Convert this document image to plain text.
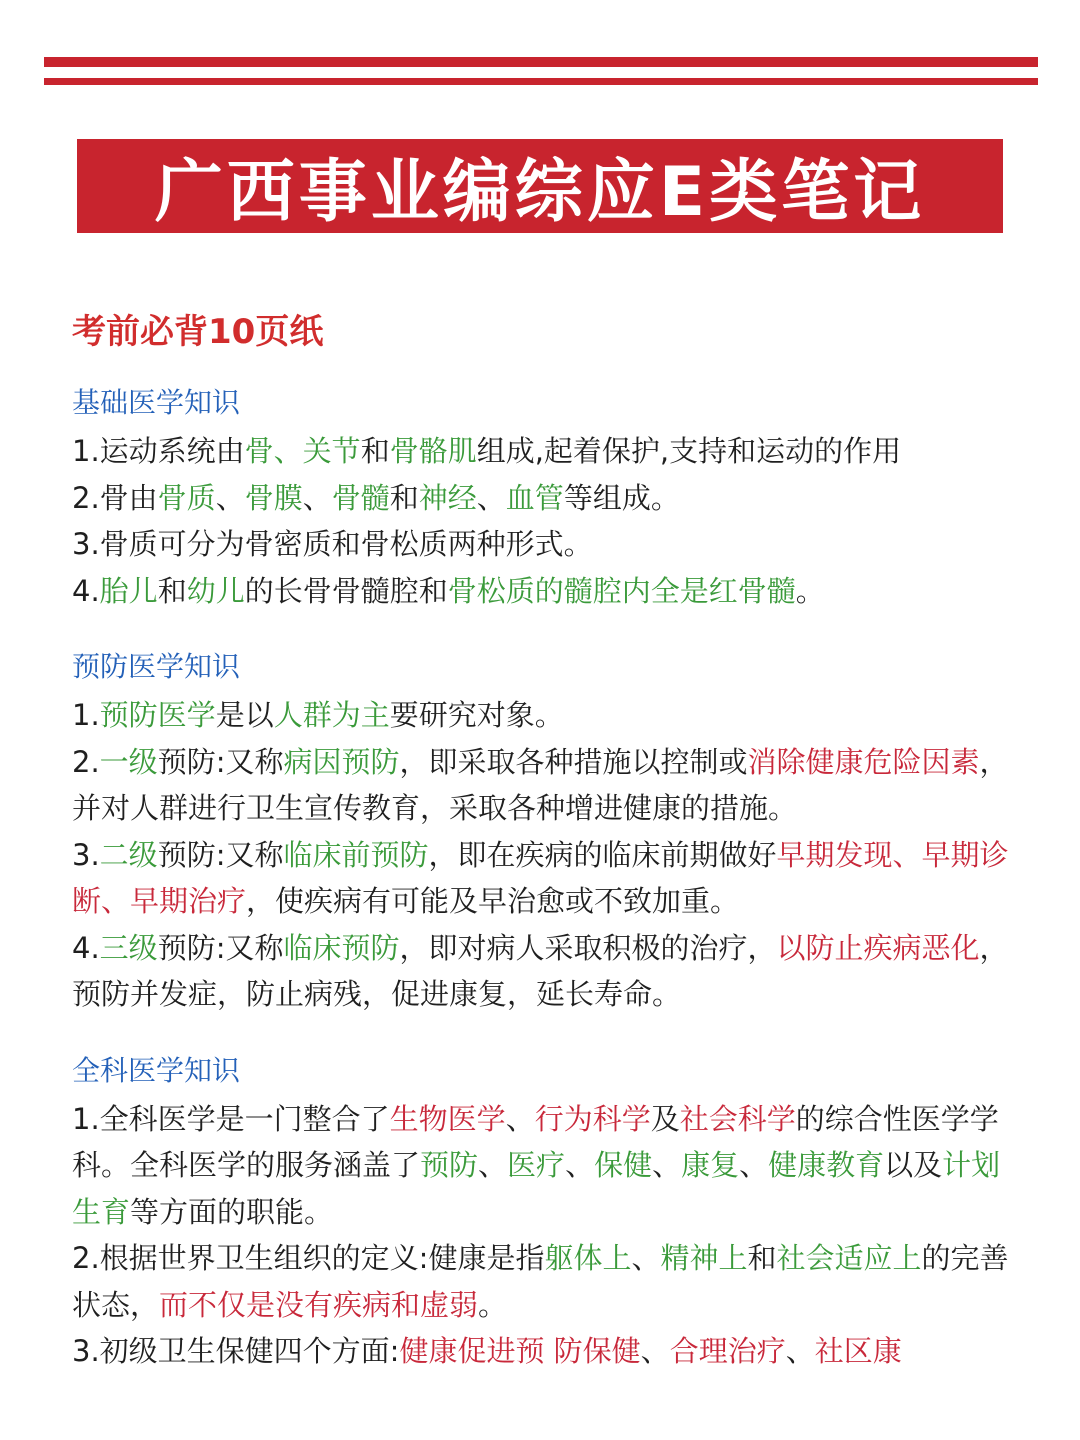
广西事业编综应E类笔记
考前必背10页纸
基础医学知识
1.运动系统由骨、关节和骨骼肌组成,起着保护,支持和运动的作用
2.骨由骨质、骨膜、骨髓和神经、血管等组成。
3.骨质可分为骨密质和骨松质两种形式。
4.胎儿和幼儿的长骨骨髓腔和骨松质的髓腔内全是红骨髓。
预防医学知识
1.预防医学是以人群为主要研究对象。
2.一级预防:又称病因预防，即采取各种措施以控制或消除健康危险因素，并对人群进行卫生宣传教育，采取各种增进健康的措施。
3.二级预防:又称临床前预防，即在疾病的临床前期做好早期发现、早期诊断、早期治疗，使疾病有可能及早治愈或不致加重。
4.三级预防:又称临床预防，即对病人采取积极的治疗，以防止疾病恶化，预防并发症，防止病残，促进康复，延长寿命。
全科医学知识
1.全科医学是一门整合了生物医学、行为科学及社会科学的综合性医学学科。全科医学的服务涵盖了预防、医疗、保健、康复、健康教育以及计划生育等方面的职能。
2.根据世界卫生组织的定义:健康是指躯体上、精神上和社会适应上的完善状态，而不仅是没有疾病和虚弱。
3.初级卫生保健四个方面:健康促进预 防保健、合理治疗、社区康
